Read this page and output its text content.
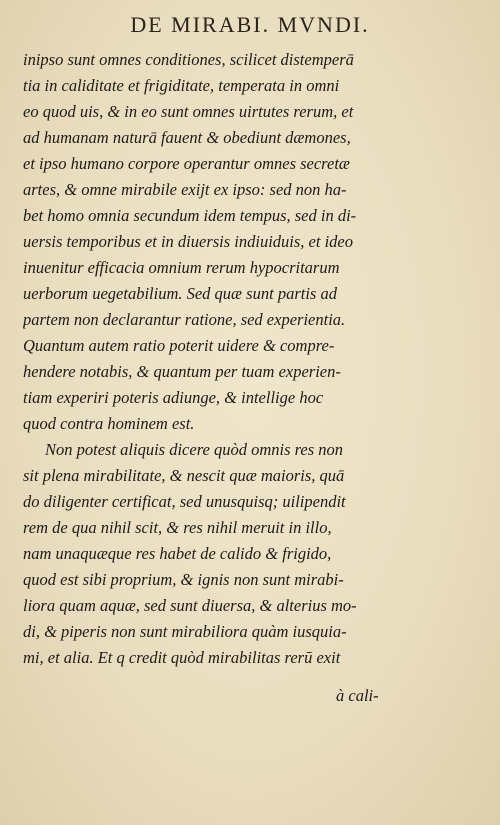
DE MIRABI. MVNDI.
inipso sunt omnes conditiones, scilicet distemperā
tia in caliditate et frigiditate, temperata in omni
eo quod uis, & in eo sunt omnes uirtutes rerum, et
ad humanam naturā fauent & obediunt dæmones,
et ipso humano corpore operantur omnes secretæ
artes, & omne mirabile exijt ex ipso: sed non ha-
bet homo omnia secundum idem tempus, sed in di-
uersis temporibus et in diuersis indiuiduis, et ideo
inuenitur efficacia omnium rerum hypocritarum
uerborum uegetabilium. Sed quæ sunt partis ad
partem non declarantur ratione, sed experientia.
Quantum autem ratio poterit uidere & compre-
hendere notabis, & quantum per tuam experien-
tiam experiri poteris adiunge, & intellige hoc
quod contra hominem est.
Non potest aliquis dicere quòd omnis res non
sit plena mirabilitate, & nescit quæ maioris, quā
do diligenter certificat, sed unusquisq; uilipendit
rem de qua nihil scit, & res nihil meruit in illo,
nam unaquæque res habet de calido & frigido,
quod est sibi proprium, & ignis non sunt mirabi-
liora quam aquæ, sed sunt diuersa, & alterius mo-
di, & piperis non sunt mirabiliora quàm iusquia-
mi, et alia. Et q credit quòd mirabilitas rerū exit
à cali-
